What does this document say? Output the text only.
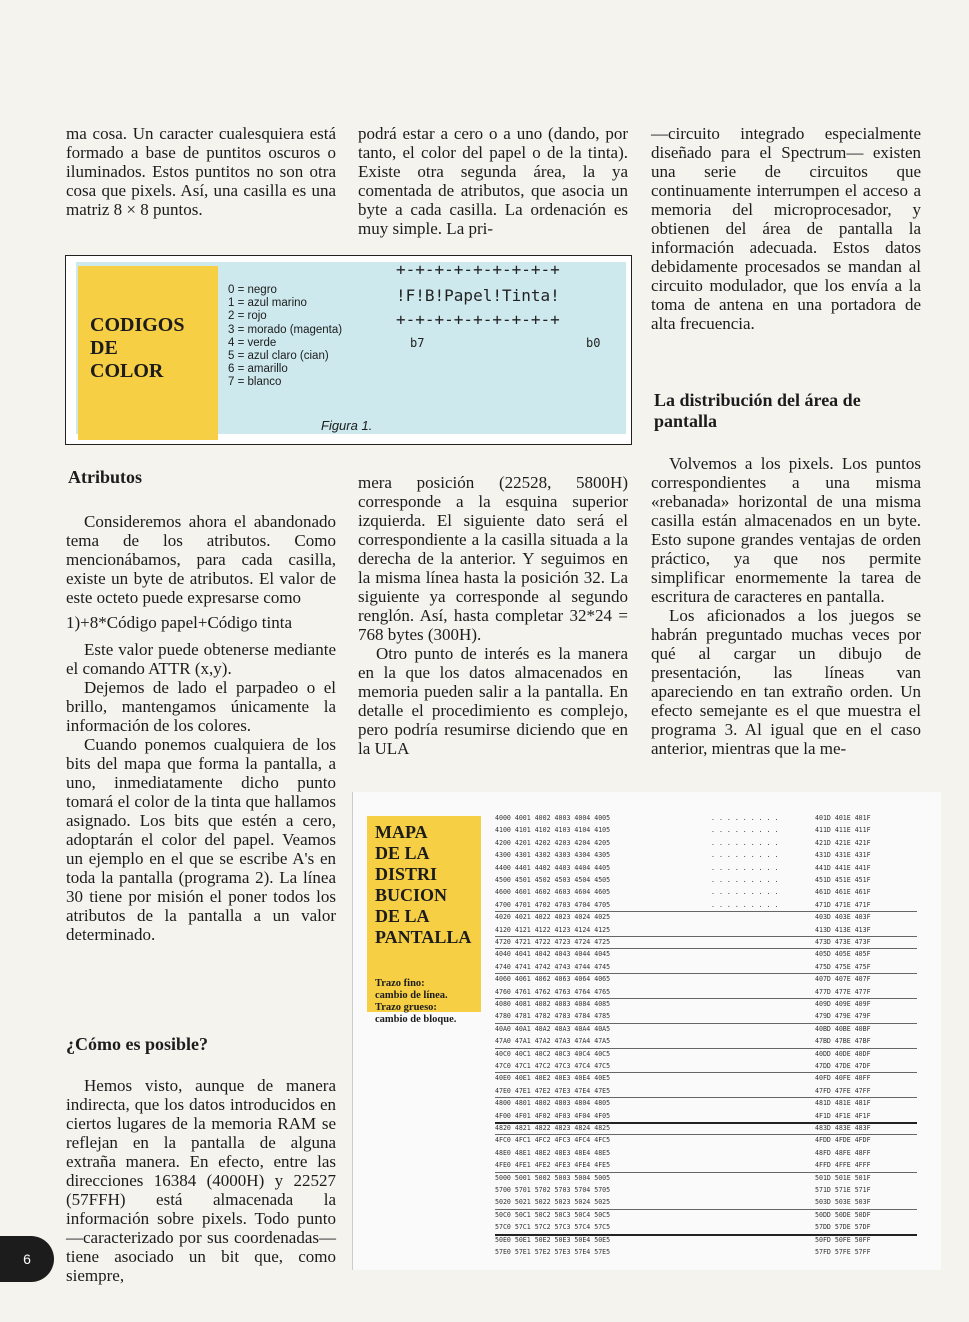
ma cosa. Un caracter cualesquiera está formado a base de puntitos oscuros o iluminados. Estos puntitos no son otra cosa que pixels. Así, una casilla es una matriz 8 × 8 puntos.

podrá estar a cero o a uno (dando, por tanto, el color del papel o de la tinta). Existe otra segunda área, la ya comentada de atributos, que asocia un byte a cada casilla. La ordenación es muy simple. La pri-

—circuito integrado especialmente diseñado para el Spectrum— existen una serie de circuitos que continuamente interrumpen el acceso a memoria del microprocesador, y obtienen del área de pantalla la información adecuada. Estos datos debidamente procesados se mandan al circuito modulador, que los envía a la toma de antena en una portadora de alta frecuencia.

CODIGOS
DE
COLOR
0 = negro
1 = azul marino
2 = rojo
3 = morado (magenta)
4 = verde
5 = azul claro (cian)
6 = amarillo
7 = blanco
+-+-+-+-+-+-+-+-+
!F!B!Papel!Tinta!
+-+-+-+-+-+-+-+-+
b7	b0
Figura 1.
Atributos

Consideremos ahora el abandonado tema de los atributos. Como mencionábamos, para cada casilla, existe un byte de atributos. El valor de este octeto puede expresarse como

1)+8*Código papel+Código tinta

Este valor puede obtenerse mediante el comando ATTR (x,y).

Dejemos de lado el parpadeo o el brillo, mantengamos únicamente la información de los colores.

Cuando ponemos cualquiera de los bits del mapa que forma la pantalla, a uno, inmediatamente dicho punto tomará el color de la tinta que hallamos asignado. Los bits que estén a cero, adoptarán el color del papel. Veamos un ejemplo en el que se escribe A's en toda la pantalla (programa 2). La línea 30 tiene por misión el poner todos los atributos de la pantalla a un valor determinado.

¿Cómo es posible?

Hemos visto, aunque de manera indirecta, que los datos introducidos en ciertos lugares de la memoria RAM se reflejan en la pantalla de alguna extraña manera. En efecto, entre las direcciones 16384 (4000H) y 22527 (57FFH) está almacenada la información sobre pixels. Todo punto —caracterizado por sus coordenadas— tiene asociado un bit que, como siempre,

mera posición (22528, 5800H) corresponde a la esquina superior izquierda. El siguiente dato será el correspondiente a la casilla situada a la derecha de la anterior. Y seguimos en la misma línea hasta la posición 32. La siguiente ya corresponde al segundo renglón. Así, hasta completar 32*24 = 768 bytes (300H).

Otro punto de interés es la manera en la que los datos almacenados en memoria pueden salir a la pantalla. En detalle el procedimiento es complejo, pero podría resumirse diciendo que en la ULA

La distribución del área de pantalla

Volvemos a los pixels. Los puntos correspondientes a una misma «rebanada» horizontal de una misma casilla están almacenados en un byte. Esto supone grandes ventajas de orden práctico, ya que nos permite simplificar enormemente la tarea de escritura de caracteres en pantalla.

Los aficionados a los juegos se habrán preguntado muchas veces por qué al cargar un dibujo de presentación, las líneas van apareciendo en tan extraño orden. Un efecto semejante es el que muestra el programa 3. Al igual que en el caso anterior, mientras que la me-

4000 4001 4002 4003 4004 4005	. . . . . . . . .	401D 401E 401F
4100 4101 4102 4103 4104 4105	. . . . . . . . .	411D 411E 411F
4200 4201 4202 4203 4204 4205	. . . . . . . . .	421D 421E 421F
4300 4301 4302 4303 4304 4305	. . . . . . . . .	431D 431E 431F
4400 4401 4402 4403 4404 4405	. . . . . . . . .	441D 441E 441F
4500 4501 4502 4503 4504 4505	. . . . . . . . .	451D 451E 451F
4600 4601 4602 4603 4604 4605	. . . . . . . . .	461D 461E 461F
4700 4701 4702 4703 4704 4705	. . . . . . . . .	471D 471E 471F
4020 4021 4022 4023 4024 4025	403D 403E 403F
4120 4121 4122 4123 4124 4125	413D 413E 413F
4720 4721 4722 4723 4724 4725	473D 473E 473F
4040 4041 4042 4043 4044 4045	405D 405E 405F
4740 4741 4742 4743 4744 4745	475D 475E 475F
4060 4061 4062 4063 4064 4065	407D 407E 407F
4760 4761 4762 4763 4764 4765	477D 477E 477F
4080 4081 4082 4083 4084 4085	409D 409E 409F
4780 4781 4782 4783 4784 4785	479D 479E 479F
40A0 40A1 40A2 40A3 40A4 40A5	40BD 40BE 40BF
47A0 47A1 47A2 47A3 47A4 47A5	47BD 47BE 47BF
40C0 40C1 40C2 40C3 40C4 40C5	40DD 40DE 40DF
47C0 47C1 47C2 47C3 47C4 47C5	47DD 47DE 47DF
40E0 40E1 40E2 40E3 40E4 40E5	40FD 40FE 40FF
47E0 47E1 47E2 47E3 47E4 47E5	47FD 47FE 47FF
4800 4801 4802 4803 4804 4805	481D 481E 481F
4F00 4F01 4F02 4F03 4F04 4F05	4F1D 4F1E 4F1F
4820 4821 4822 4823 4824 4825	483D 483E 483F
4FC0 4FC1 4FC2 4FC3 4FC4 4FC5	4FDD 4FDE 4FDF
48E0 48E1 48E2 48E3 48E4 48E5	48FD 48FE 48FF
4FE0 4FE1 4FE2 4FE3 4FE4 4FE5	4FFD 4FFE 4FFF
5000 5001 5002 5003 5004 5005	501D 501E 501F
5700 5701 5702 5703 5704 5705	571D 571E 571F
5020 5021 5022 5023 5024 5025	503D 503E 503F
50C0 50C1 50C2 50C3 50C4 50C5	50DD 50DE 50DF
57C0 57C1 57C2 57C3 57C4 57C5	57DD 57DE 57DF
50E0 50E1 50E2 50E3 50E4 50E5	50FD 50FE 50FF
57E0 57E1 57E2 57E3 57E4 57E5	57FD 57FE 57FF
MAPA
DE LA
DISTRI
BUCION
DE LA
PANTALLA
Trazo fino:
cambio de línea.
Trazo grueso:
cambio de bloque.
6
